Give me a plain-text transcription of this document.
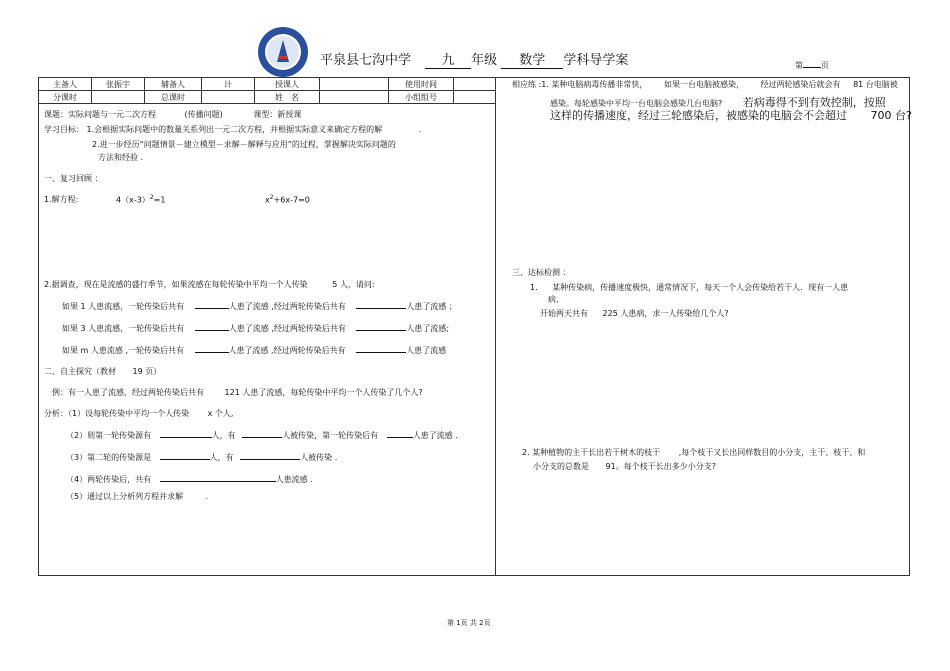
平泉县七沟中学 九 年级 数学 学科导学案	第 页
主备人	张振宇	辅备人	计	授课人		使用时间	
分课时		总课时		姓　名		小组组号	
课题：实际问题与一元二次方程	(传播问题)	课型：新授课
学习目标： 1.会根据实际问题中的数量关系列出一元二次方程，并根据实际意义来确定方程的解	.
2.进一步经历“问题情景－建立模型－求解－解释与应用”的过程，掌握解决实际问题的
方法和经验 .
一、复习回顾 ：
1.解方程:	$4(x-3)^2=1$	$x^2+6x-7=0$
2.据调查，现在是流感的盛行季节，如果流感在每轮传染中平均一个人传染	5 人，请问:
如果 1 人患流感，一轮传染后共有	人患了流感 ,经过两轮传染后共有	人患了流感 ；
如果 3 人患流感，一轮传染后共有	人患了流感 ,经过两轮传染后共有	人患了流感;
如果 m 人患流感 ,一轮传染后共有	人患了流感 ,经过两轮传染后共有	人患了流感
二、自主探究（教材 19 页）
例：有一人患了流感，经过两轮传染后共有	121 人患了流感，每轮传染中平均一个人传染了几个人?
分析：（1）设每轮传染中平均一个人传染 x 个人,
（2）则第一轮传染源有	人，有	人被传染，第一轮传染后有	人患了流感 .
（3）第二轮的传染源是	人，有	人被传染 .
（4）两轮传染后，共有	人患流感 .
（5）通过以上分析列方程并求解	.
相应练 :1. 某种电脑病毒传播非常快， 如果一台电脑被感染， 经过两轮感染后就会有 81 台电脑被
感染。每轮感染中平均一台电脑会感染几台电脑? 若病毒得不到有效控制，按照
这样的传播速度，经过三轮感染后，被感染的电脑会不会超过 700 台?
三、达标检测 ：
1. 某种传染病，传播速度极快，通常情况下，每天一个人会传染给若干人．现有一人患
病,
开始两天共有 225 人患病，求一人传染给几个人?
2. 某种植物的主干长出若干树木的枝干 ,每个枝干又长出同样数目的小分支，主干、枝干、和
小分支的总数是 91。每个枝干长出多少小分支?
第 1页 共 2页
